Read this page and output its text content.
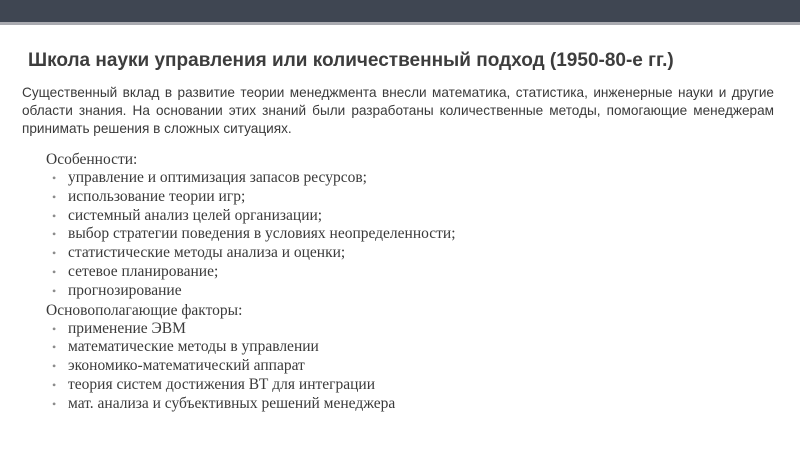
Школа науки управления или количественный подход (1950-80-е гг.)
Существенный вклад в развитие теории менеджмента внесли математика, статистика, инженерные науки и другие области знания. На основании этих знаний были разработаны количественные методы, помогающие менеджерам принимать решения в сложных ситуациях.
Особенности:
• управление и оптимизация запасов ресурсов;
• использование теории игр;
• системный анализ целей организации;
• выбор стратегии поведения в условиях неопределенности;
• статистические методы анализа и оценки;
• сетевое планирование;
• прогнозирование
Основополагающие факторы:
• применение ЭВМ
• математические методы в управлении
• экономико-математический аппарат
• теория систем достижения ВТ для интеграции
• мат. анализа и субъективных решений менеджера
